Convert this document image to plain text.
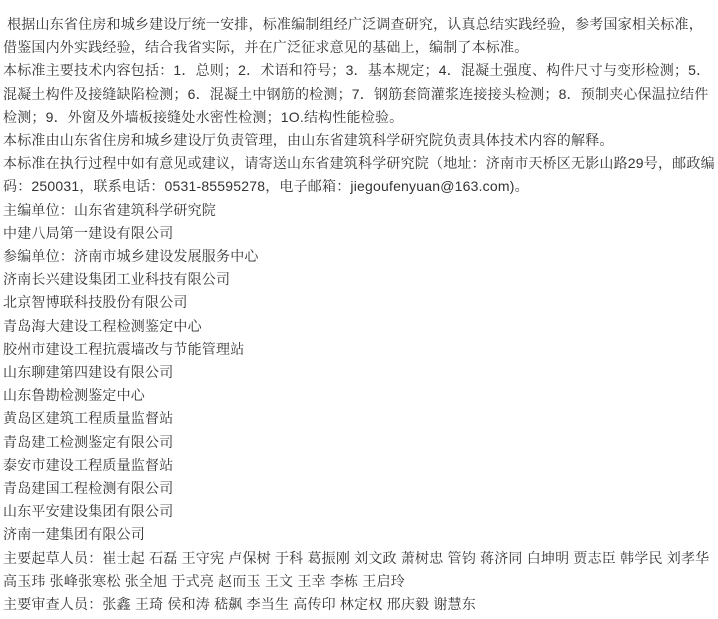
根据山东省住房和城乡建设厅统一安排，标准编制组经广泛调查研究，认真总结实践经验，参考国家相关标准，借鉴国内外实践经验，结合我省实际，并在广泛征求意见的基础上，编制了本标准。

本标准主要技术内容包括：1．总则；2．术语和符号；3．基本规定；4．混凝土强度、构件尺寸与变形检测；5．混凝土构件及接缝缺陷检测；6．混凝土中钢筋的检测；7．钢筋套筒灌浆连接接头检测；8．预制夹心保温拉结件检测；9．外窗及外墙板接缝处水密性检测；1O.结构性能检验。

本标准由山东省住房和城乡建设厅负责管理，由山东省建筑科学研究院负责具体技术内容的解释。

本标准在执行过程中如有意见或建议，请寄送山东省建筑科学研究院（地址：济南市天桥区无影山路29号，邮政编码：250031，联系电话：0531-85595278，电子邮箱：jiegoufenyuan@163.com)。

主编单位：山东省建筑科学研究院

中建八局第一建设有限公司

参编单位：济南市城乡建设发展服务中心

济南长兴建设集团工业科技有限公司

北京智博联科技股份有限公司

青岛海大建设工程检测鉴定中心

胶州市建设工程抗震墙改与节能管理站

山东聊建第四建设有限公司

山东鲁勘检测鉴定中心

黄岛区建筑工程质量监督站

青岛建工检测鉴定有限公司

泰安市建设工程质量监督站

青岛建国工程检测有限公司

山东平安建设集团有限公司

济南一建集团有限公司

主要起草人员：崔士起 石磊 王守宪 卢保树 于科 葛振刚 刘文政 萧树忠 管钧 蒋济同 白坤明 贾志臣 韩学民 刘孝华 高玉玮 张峰张寒松 张全旭 于式亮 赵而玉 王文 王幸 李栋 王启玲

主要审查人员：张鑫 王琦 侯和涛 嵇飙 李当生 高传印 林定权 邢庆毅 谢慧东
